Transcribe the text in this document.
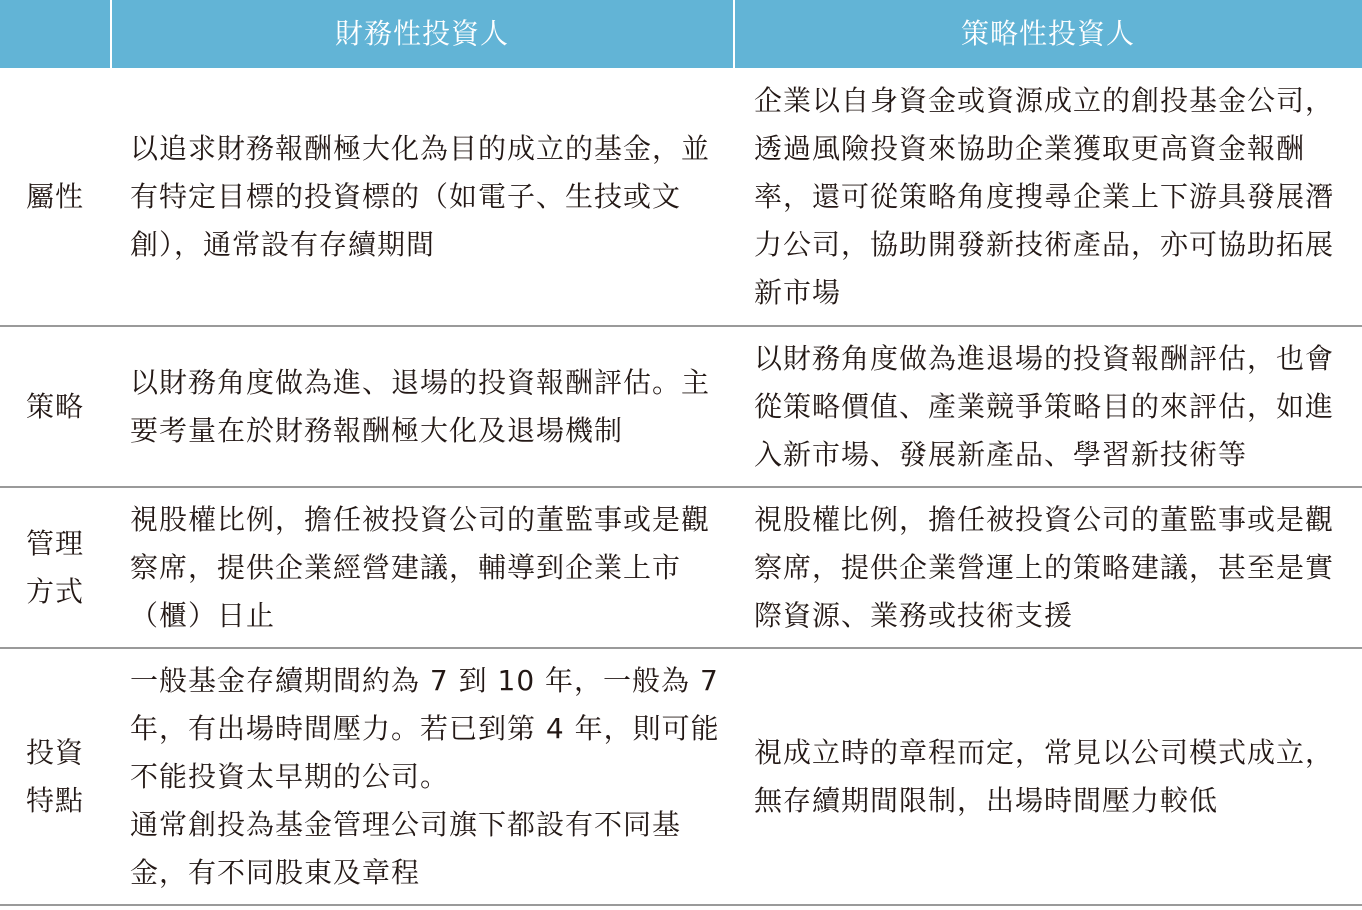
財務性投資人	策略性投資人
屬性
以追求財務報酬極大化為目的成立的基金，並有特定目標的投資標的（如電子、生技或文創），通常設有存續期間
企業以自身資金或資源成立的創投基金公司，透過風險投資來協助企業獲取更高資金報酬率，還可從策略角度搜尋企業上下游具發展潛力公司，協助開發新技術產品，亦可協助拓展新市場
策略
以財務角度做為進、退場的投資報酬評估。主要考量在於財務報酬極大化及退場機制
以財務角度做為進退場的投資報酬評估，也會從策略價值、產業競爭策略目的來評估，如進入新市場、發展新產品、學習新技術等
管理方式
視股權比例，擔任被投資公司的董監事或是觀察席，提供企業經營建議，輔導到企業上市（櫃）日止
視股權比例，擔任被投資公司的董監事或是觀察席，提供企業營運上的策略建議，甚至是實際資源、業務或技術支援
投資特點
一般基金存續期間約為 7 到 10 年，一般為 7 年，有出場時間壓力。若已到第 4 年，則可能不能投資太早期的公司。
通常創投為基金管理公司旗下都設有不同基金，有不同股東及章程
視成立時的章程而定，常見以公司模式成立，無存續期間限制，出場時間壓力較低
